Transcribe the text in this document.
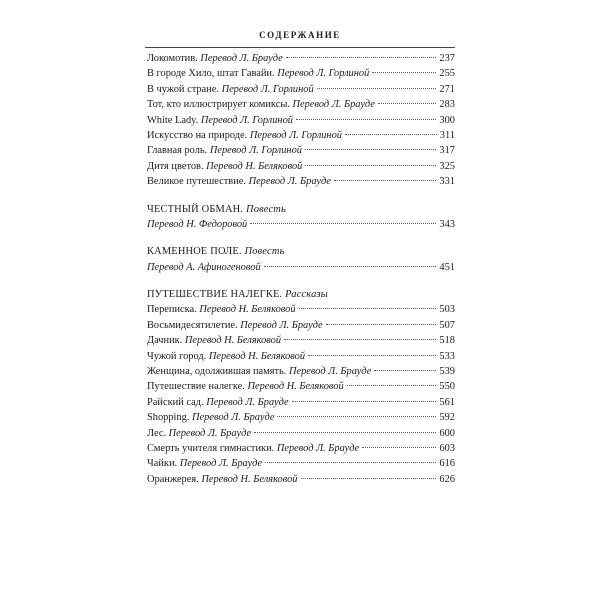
СОДЕРЖАНИЕ
Локомотив. Перевод Л. Брауде	237
В городе Хило, штат Гавайи. Перевод Л. Горлиной	255
В чужой стране. Перевод Л. Горлиной	271
Тот, кто иллюстрирует комиксы. Перевод Л. Брауде	283
White Lady. Перевод Л. Горлиной	300
Искусство на природе. Перевод Л. Горлиной	311
Главная роль. Перевод Л. Горлиной	317
Дитя цветов. Перевод Н. Беляковой	325
Великое путешествие. Перевод Л. Брауде	331
ЧЕСТНЫЙ ОБМАН. Повесть
Перевод Н. Федоровой	343
КАМЕННОЕ ПОЛЕ. Повесть
Перевод А. Афиногеновой	451
ПУТЕШЕСТВИЕ НАЛЕГКЕ. Рассказы
Переписка. Перевод Н. Беляковой	503
Восьмидесятилетие. Перевод Л. Брауде	507
Дачник. Перевод Н. Беляковой	518
Чужой город. Перевод Н. Беляковой	533
Женщина, одолжившая память. Перевод Л. Брауде	539
Путешествие налегке. Перевод Н. Беляковой	550
Райский сад. Перевод Л. Брауде	561
Shopping. Перевод Л. Брауде	592
Лес. Перевод Л. Брауде	600
Смерть учителя гимнастики. Перевод Л. Брауде	603
Чайки. Перевод Л. Брауде	616
Оранжерея. Перевод Н. Беляковой	626
